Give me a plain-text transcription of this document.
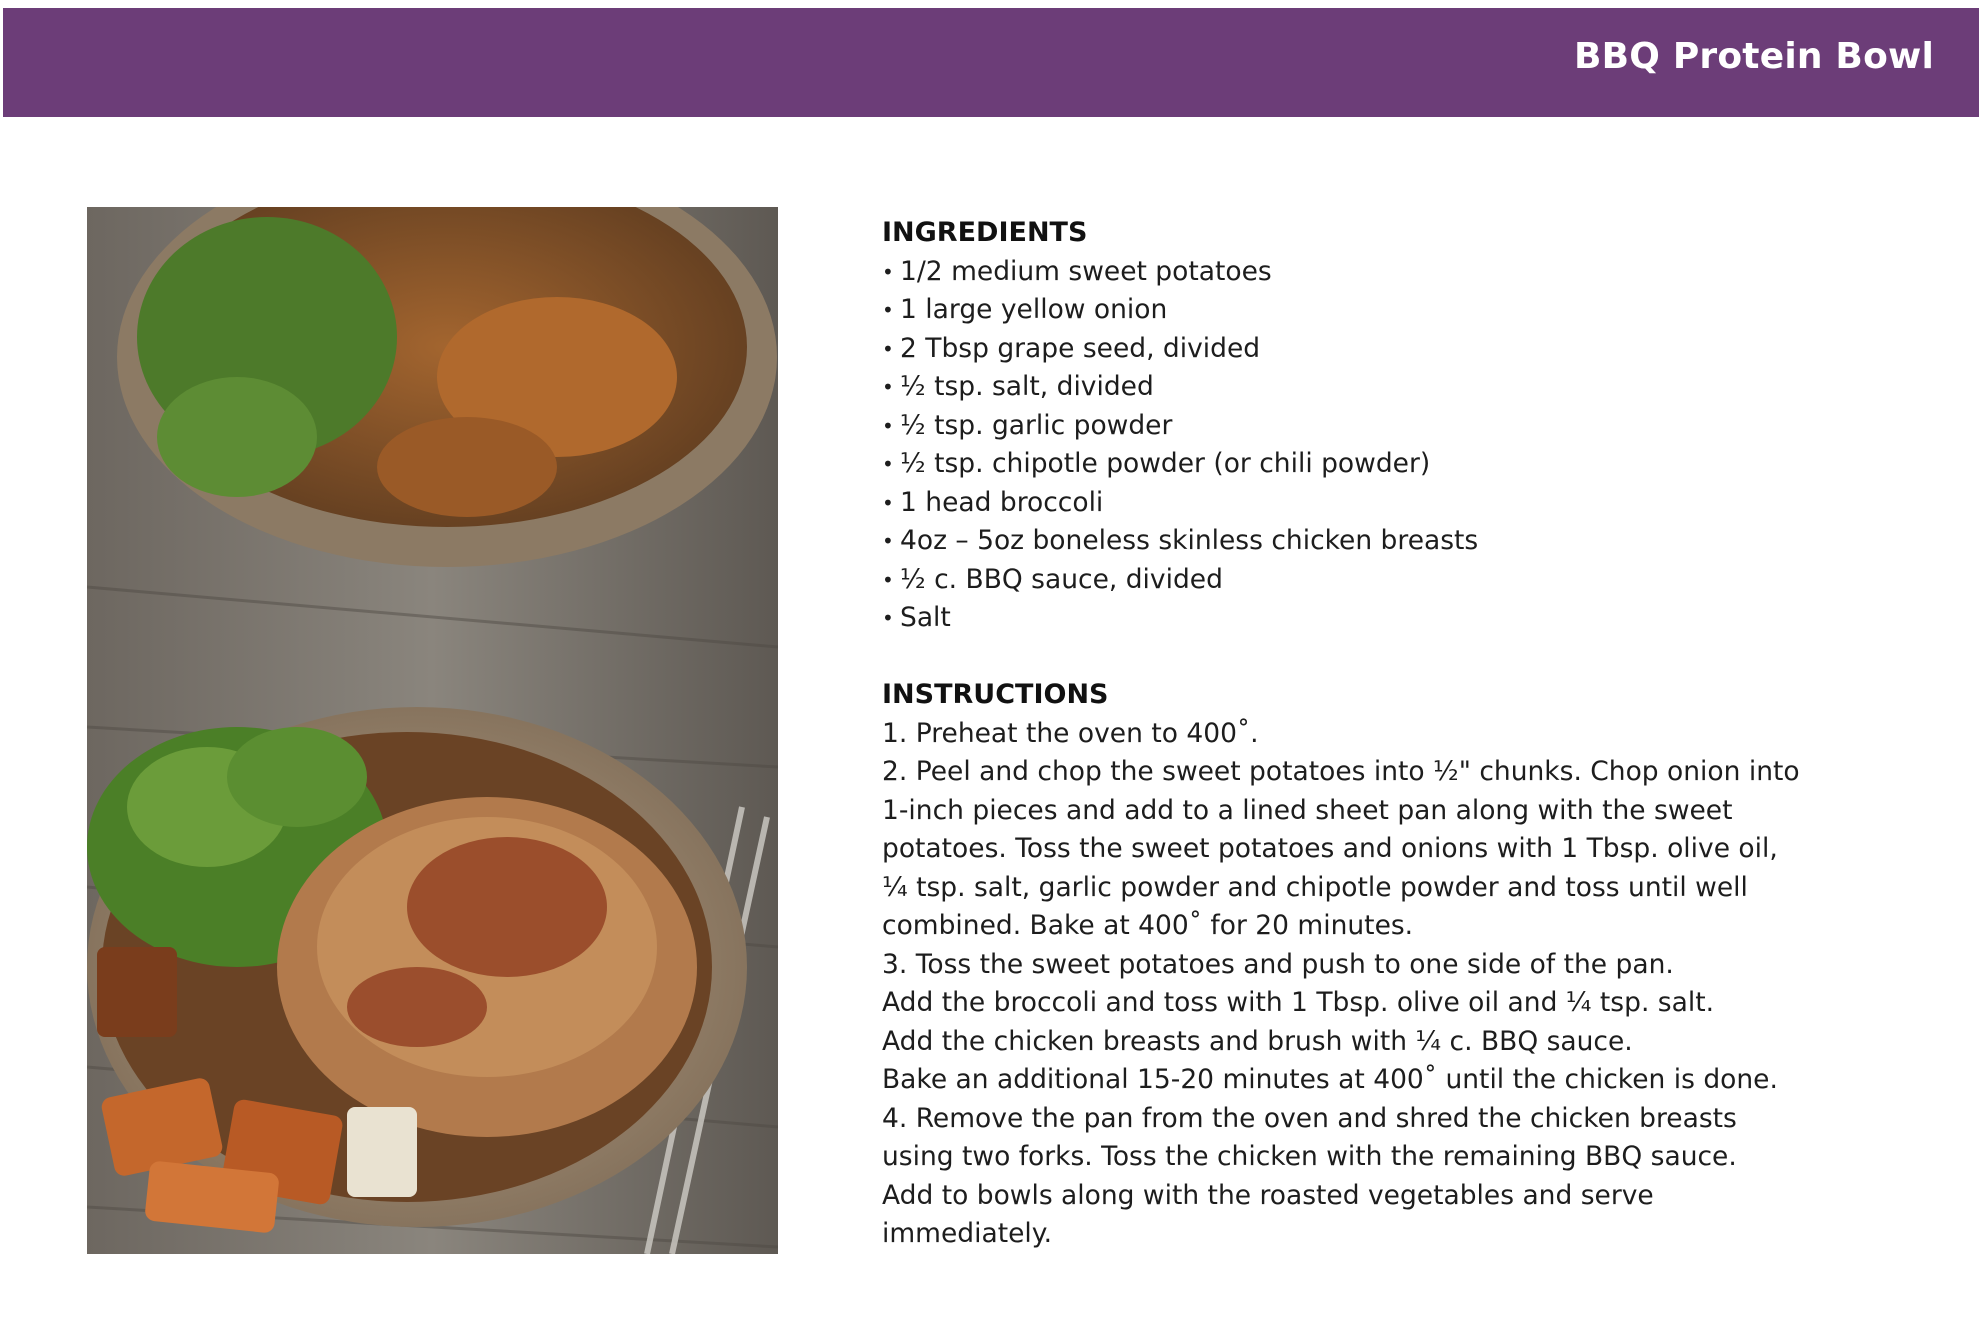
BBQ Protein Bowl
INGREDIENTS
• 1/2 medium sweet potatoes
• 1 large yellow onion
• 2 Tbsp grape seed, divided
• ½ tsp. salt, divided
• ½ tsp. garlic powder
• ½ tsp. chipotle powder (or chili powder)
• 1 head broccoli
• 4oz – 5oz boneless skinless chicken breasts
• ½ c. BBQ sauce, divided
• Salt
INSTRUCTIONS

1. Preheat the oven to 400˚.

2. Peel and chop the sweet potatoes into ½" chunks. Chop onion into

1-inch pieces and add to a lined sheet pan along with the sweet

potatoes. Toss the sweet potatoes and onions with 1 Tbsp. olive oil,

¼ tsp. salt, garlic powder and chipotle powder and toss until well

combined. Bake at 400˚ for 20 minutes.

3. Toss the sweet potatoes and push to one side of the pan.

Add the broccoli and toss with 1 Tbsp. olive oil and ¼ tsp. salt.

Add the chicken breasts and brush with ¼ c. BBQ sauce.

Bake an additional 15-20 minutes at 400˚ until the chicken is done.

4. Remove the pan from the oven and shred the chicken breasts

using two forks. Toss the chicken with the remaining BBQ sauce.

Add to bowls along with the roasted vegetables and serve

immediately.
